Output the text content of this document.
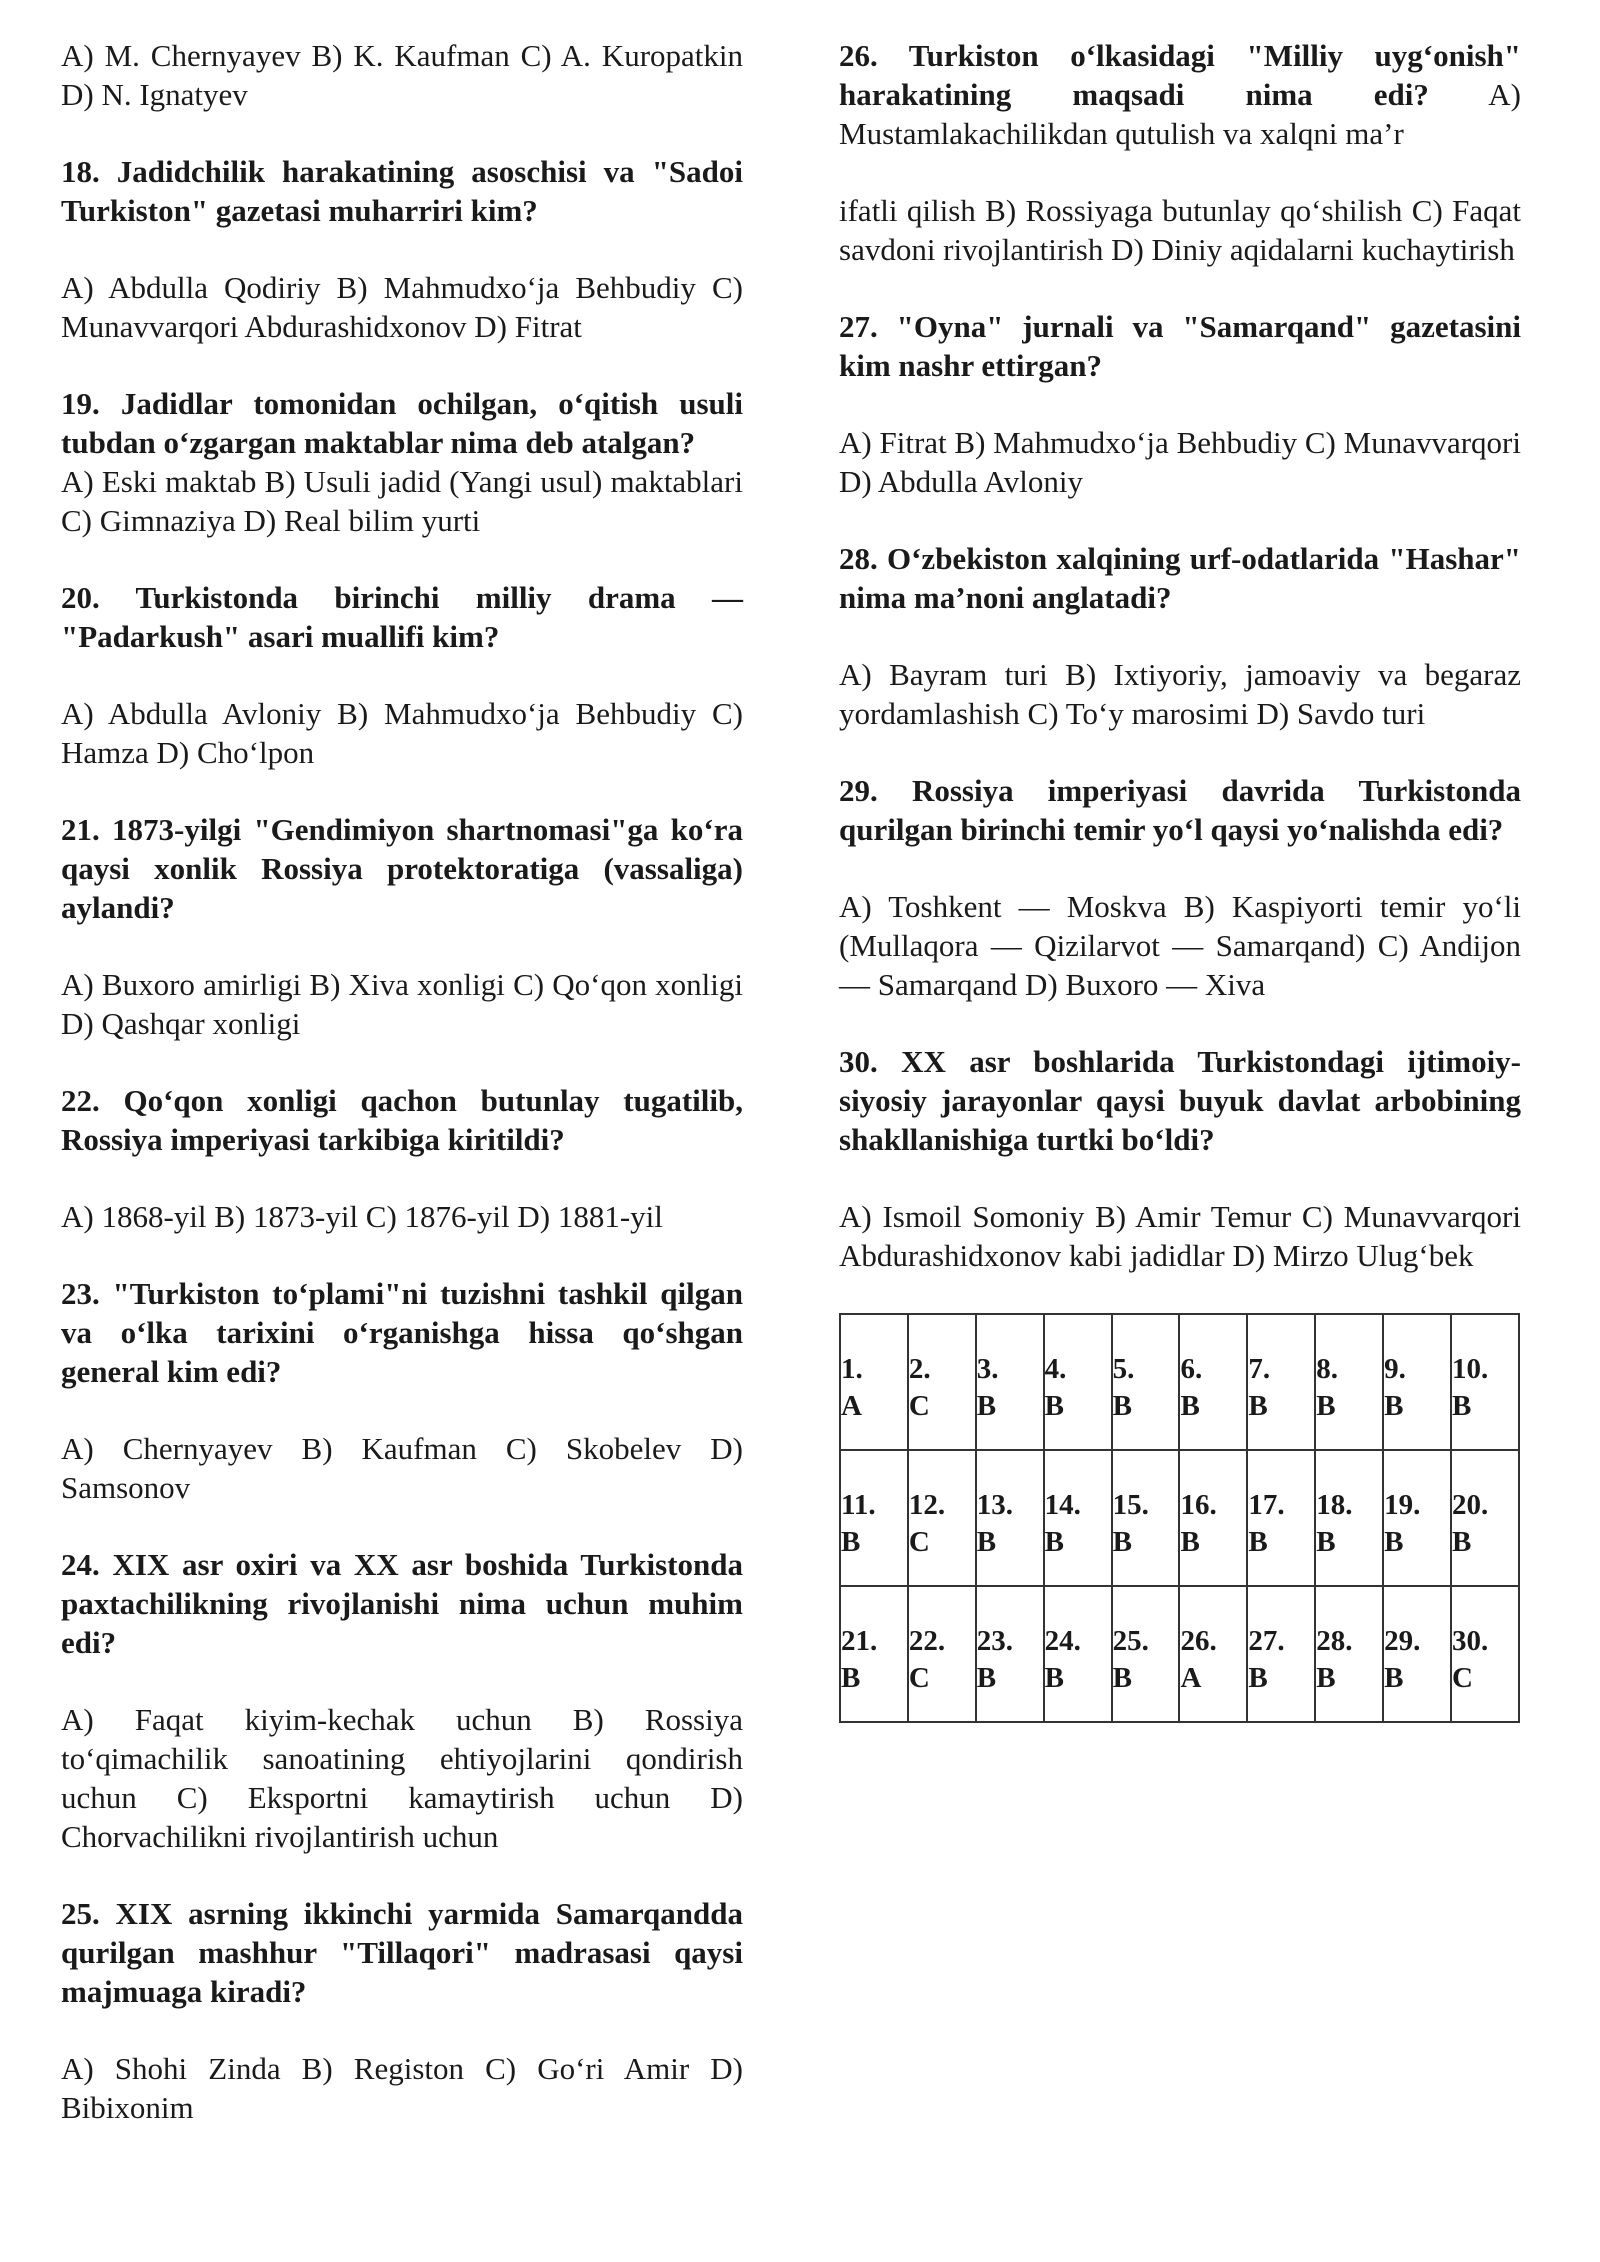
A) M. Chernyayev B) K. Kaufman C) A. Kuropatkin D) N. Ignatyev

18. Jadidchilik harakatining asoschisi va "Sadoi Turkiston" gazetasi muharriri kim?

A) Abdulla Qodiriy B) Mahmudxo‘ja Behbudiy C) Munavvarqori Abdurashidxonov D) Fitrat

19. Jadidlar tomonidan ochilgan, o‘qitish usuli tubdan o‘zgargan maktablar nima deb atalgan?

A) Eski maktab B) Usuli jadid (Yangi usul) maktablari C) Gimnaziya D) Real bilim yurti

20. Turkistonda birinchi milliy drama — "Padarkush" asari muallifi kim?

A) Abdulla Avloniy B) Mahmudxo‘ja Behbudiy C) Hamza D) Cho‘lpon

21. 1873-yilgi "Gendimiyon shartnomasi"ga ko‘ra qaysi xonlik Rossiya protektoratiga (vassaliga) aylandi?

A) Buxoro amirligi B) Xiva xonligi C) Qo‘qon xonligi D) Qashqar xonligi

22. Qo‘qon xonligi qachon butunlay tugatilib, Rossiya imperiyasi tarkibiga kiritildi?

A) 1868-yil B) 1873-yil C) 1876-yil D) 1881-yil

23. "Turkiston to‘plami"ni tuzishni tashkil qilgan va o‘lka tarixini o‘rganishga hissa qo‘shgan general kim edi?

A) Chernyayev B) Kaufman C) Skobelev D) Samsonov

24. XIX asr oxiri va XX asr boshida Turkistonda paxtachilikning rivojlanishi nima uchun muhim edi?

A) Faqat kiyim-kechak uchun B) Rossiya to‘qimachilik sanoatining ehtiyojlarini qondirish uchun C) Eksportni kamaytirish uchun D) Chorvachilikni rivojlantirish uchun

25. XIX asrning ikkinchi yarmida Samarqandda qurilgan mashhur "Tillaqori" madrasasi qaysi majmuaga kiradi?

A) Shohi Zinda B) Registon C) Go‘ri Amir D) Bibixonim

26. Turkiston o‘lkasidagi "Milliy uyg‘onish" harakatining maqsadi nima edi? A) Mustamlakachilikdan qutulish va xalqni ma’r

ifatli qilish B) Rossiyaga butunlay qo‘shilish C) Faqat savdoni rivojlantirish D) Diniy aqidalarni kuchaytirish

27. "Oyna" jurnali va "Samarqand" gazetasini kim nashr ettirgan?

A) Fitrat B) Mahmudxo‘ja Behbudiy C) Munavvarqori D) Abdulla Avloniy

28. O‘zbekiston xalqining urf-odatlarida "Hashar" nima ma’noni anglatadi?

A) Bayram turi B) Ixtiyoriy, jamoaviy va begaraz yordamlashish C) To‘y marosimi D) Savdo turi

29. Rossiya imperiyasi davrida Turkistonda qurilgan birinchi temir yo‘l qaysi yo‘nalishda edi?

A) Toshkent — Moskva B) Kaspiyorti temir yo‘li (Mullaqora — Qizilarvot — Samarqand) C) Andijon — Samarqand D) Buxoro — Xiva

30. XX asr boshlarida Turkistondagi ijtimoiy-siyosiy jarayonlar qaysi buyuk davlat arbobining shakllanishiga turtki bo‘ldi?

A) Ismoil Somoniy B) Amir Temur C) Munavvarqori Abdurashidxonov kabi jadidlar D) Mirzo Ulug‘bek

1.
A	2.
C	3.
B	4.
B	5.
B	6.
B	7.
B	8.
B	9.
B	10.
B

11.
B	12.
C	13.
B	14.
B	15.
B	16.
B	17.
B	18.
B	19.
B	20.
B

21.
B	22.
C	23.
B	24.
B	25.
B	26.
A	27.
B	28.
B	29.
B	30.
C
